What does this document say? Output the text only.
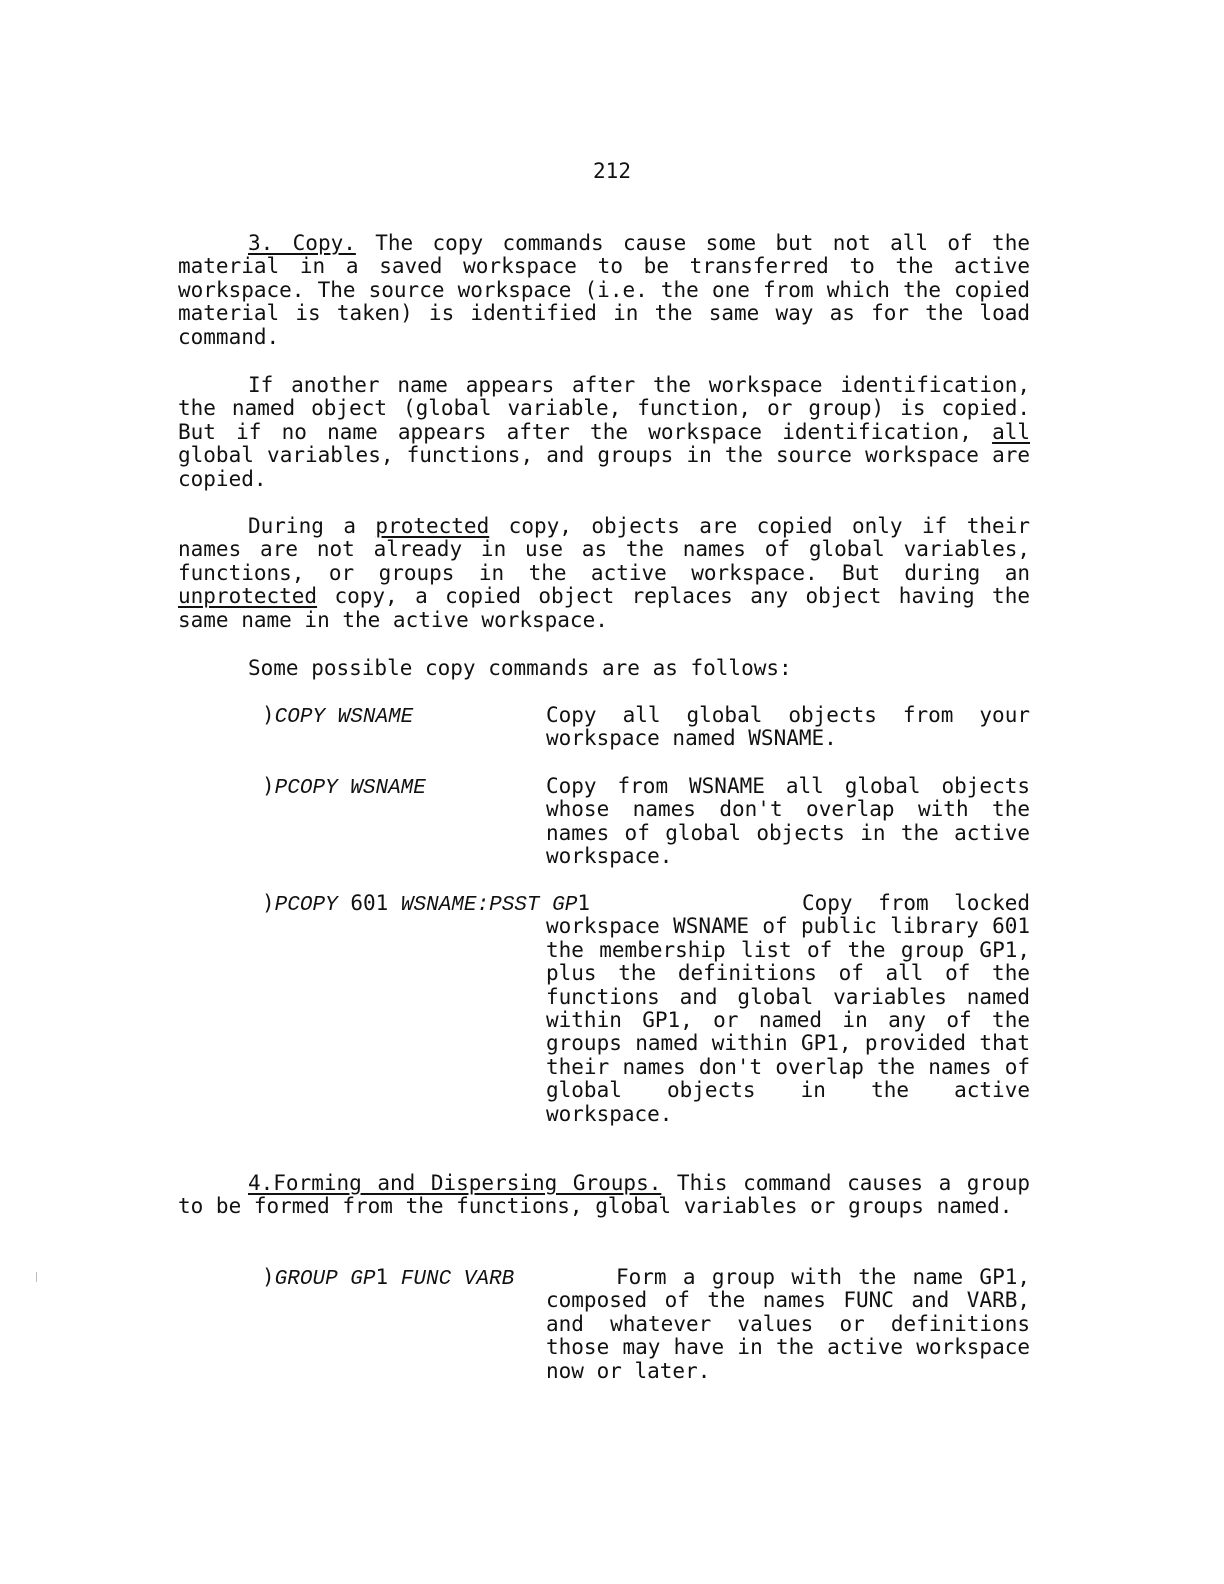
212
3. Copy. The copy commands cause some but not all of the material in a saved workspace to be transferred to the active workspace. The source workspace (i.e. the one from which the copied material is taken) is identified in the same way as for the load command.
If another name appears after the workspace identification, the named object (global variable, function, or group) is copied. But if no name appears after the workspace identification, all global variables, functions, and groups in the source workspace are copied.
During a protected copy, objects are copied only if their names are not already in use as the names of global variables, functions, or groups in the active workspace. But during an unprotected copy, a copied object replaces any object having the same name in the active workspace.
Some possible copy commands are as follows:
)COPY WSNAME	Copy all global objects from your workspace named WSNAME.
)PCOPY WSNAME	Copy from WSNAME all global objects whose names don't overlap with the names of global objects in the active workspace.
)PCOPY 601 WSNAME:PSST GP1	Copy from locked workspace WSNAME of public library 601 the membership list of the group GP1, plus the definitions of all of the functions and global variables named within GP1, or named in any of the groups named within GP1, provided that their names don't overlap the names of global objects in the active workspace.
4.Forming and Dispersing Groups. This command causes a group to be formed from the functions, global variables or groups named.
)GROUP GP1 FUNC VARB	Form a group with the name GP1, composed of the names FUNC and VARB, and whatever values or definitions those may have in the active workspace now or later.
